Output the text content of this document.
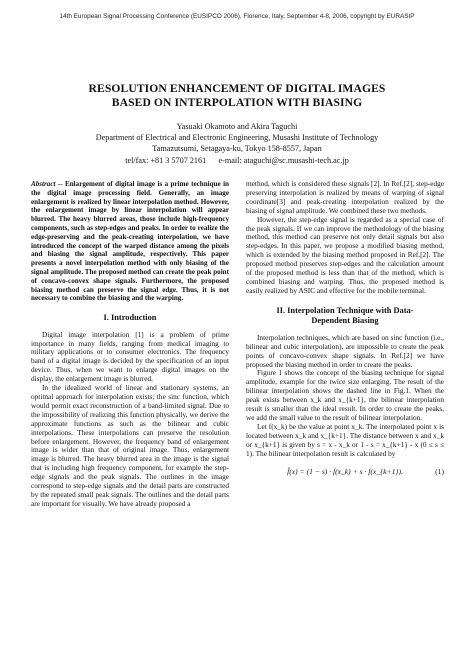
14th European Signal Processing Conference (EUSIPCO 2006), Florence, Italy, September 4-8, 2006, copyright by EURASIP
RESOLUTION ENHANCEMENT OF DIGITAL IMAGES
BASED ON INTERPOLATION WITH BIASING
Yasuaki Okamoto and Akira Taguchi
Department of Electrical and Electronic Engineering, Musashi Institute of Technology
Tamazutsumi, Setagaya-ku, Tokyo 158-8557, Japan
tel/fax: +81 3 5707 2161      e-mail: ataguchi@sc.musashi-tech.ac.jp
Abstract -- Enlargement of digital image is a prime technique in the digital image processing field. Generally, an image enlargement is realized by linear interpolation method. However, the enlargement image by linear interpolation will appear blurred. The heavy blurred areas, those include high-frequency components, such as step-edges and peaks. In order to realize the edge-preserving and the peak-creating interpolation, we have introduced the concept of the warped distance among the pixels and biasing the signal amplitude, respectively. This paper presents a novel interpolation method with only biasing of the signal amplitude. The proposed method can create the peak point of concavo-convex shape signals. Furthermore, the proposed biasing method can preserve the signal edge. Thus, it is not necessary to combine the biasing and the warping.
I. Introduction

Digital image interpolation [1] is a problem of prime importance in many fields, ranging from medical imaging to military applications or to consumer electronics. The frequency band of a digital image is decided by the specification of an input device. Thus, when we want to enlarge digital images on the display, the enlargement image is blurred.

In the idealized world of linear and stationary systems, an optimal approach for interpolation exists; the sinc function, which would permit exact reconstruction of a band-limited signal. Due to the impossibility of realizing this function physically, we derive the approximate functions as such as the bilinear and cubic interpolations. These interpolations can preserve the resolution before enlargement. However, the frequency band of enlargement image is wider than that of original image. Thus, enlargement image is blurred. The heavy blurred area in the image is the signal that is including high frequency component, for example the step-edge signals and the peak signals. The outlines in the image correspond to step-edge signals and the detail parts are constructed by the repeated small peak signals. The outlines and the detail parts are important for visually. We have already proposed a

method, which is considered these signals [2]. In Ref.[2], step-edge preserving interpolation is realized by means of warping of signal coordinate[3] and peak-creating interpolation realized by the biasing of signal amplitude. We combined these two methods.

However, the step-edge signal is regarded as a special case of the peak signals. If we can improve the methodology of the biasing method, this method can preserve not only detail signals but also step-edges. In this paper, we propose a modified biasing method, which is extended by the biasing method proposed in Ref.[2]. The proposed method preserves step-edges and the calculation amount of the proposed method is less than that of the method, which is combined biasing and warping. Thus, the proposed method is easily realized by ASIC and effective for the mobile terminal.

II. Interpolation Technique with Data-
Dependent Biasing

Interpolation techniques, which are based on sinc function (i.e., bilinear and cubic interpolation), are impossible to create the peak points of concavo-convex shape signals. In Ref.[2] we have proposed the biasing method in order to create the peaks.

Figure 1 shows the concept of the biasing technique for signal amplitude, example for the twice size enlarging. The result of the bilinear interpolation shows the dashed line in Fig.1. When the peak exists between x_k and x_{k+1}, the bilinear interpolation result is smaller than the ideal result. In order to create the peaks, we add the small value to the result of bilinear interpolation.

Let f(x_k) be the value at point x_k. The interpolated point x is located between x_k and x_{k+1}. The distance between x and x_k or x_{k+1} is given by s = x - x_k or 1 - s = x_{k+1} - x (0 ≤ s ≤ 1). The bilinear interpolation result is calculated by

f̂(x) = (1 − s) · f(x_k) + s · f(x_{k+1}).	(1)
